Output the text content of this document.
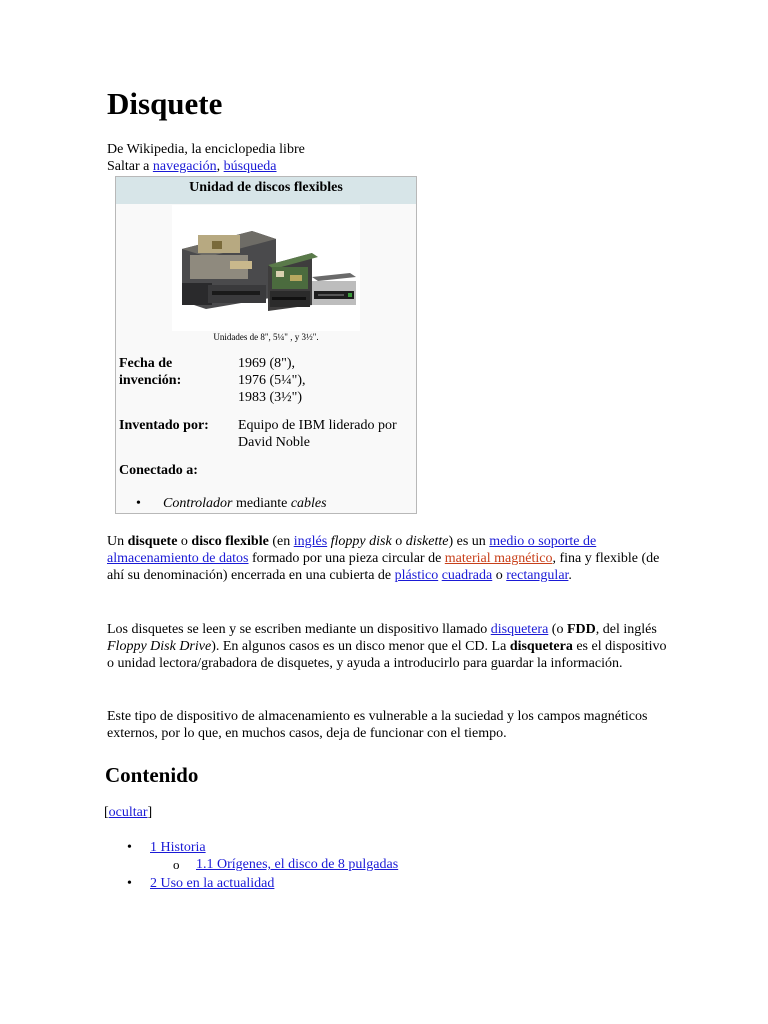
Disquete
De Wikipedia, la enciclopedia libre
Saltar a navegación, búsqueda
Unidad de discos flexibles
Unidades de 8", 5¼" , y 3½".
Fecha de invención:
1969 (8"),
1976 (5¼"),
1983 (3½")
Inventado por:	Equipo de IBM liderado por
David Noble
Conectado a:
• Controlador mediante cables
Un disquete o disco flexible (en inglés floppy disk o diskette) es un medio o soporte de almacenamiento de datos formado por una pieza circular de material magnético, fina y flexible (de ahí su denominación) encerrada en una cubierta de plástico cuadrada o rectangular.
Los disquetes se leen y se escriben mediante un dispositivo llamado disquetera (o FDD, del inglés Floppy Disk Drive). En algunos casos es un disco menor que el CD. La disquetera es el dispositivo o unidad lectora/grabadora de disquetes, y ayuda a introducirlo para guardar la información.
Este tipo de dispositivo de almacenamiento es vulnerable a la suciedad y los campos magnéticos externos, por lo que, en muchos casos, deja de funcionar con el tiempo.
Contenido
[ocultar]
• 1 Historia
o 1.1 Orígenes, el disco de 8 pulgadas
• 2 Uso en la actualidad
